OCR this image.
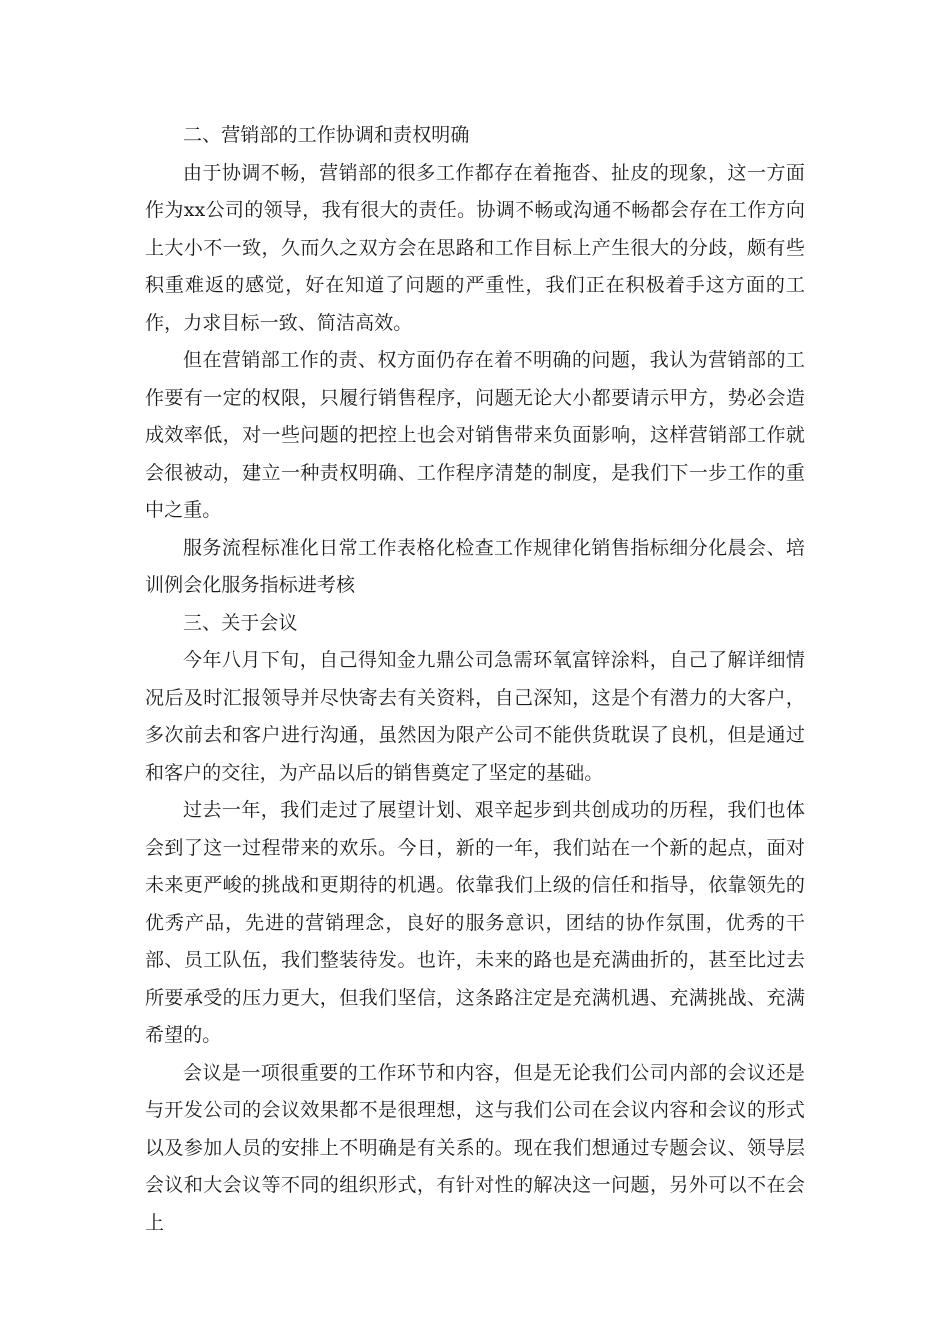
二、营销部的工作协调和责权明确

由于协调不畅，营销部的很多工作都存在着拖沓、扯皮的现象，这一方面作为xx公司的领导，我有很大的责任。协调不畅或沟通不畅都会存在工作方向上大小不一致，久而久之双方会在思路和工作目标上产生很大的分歧，颇有些积重难返的感觉，好在知道了问题的严重性，我们正在积极着手这方面的工作，力求目标一致、简洁高效。

但在营销部工作的责、权方面仍存在着不明确的问题，我认为营销部的工作要有一定的权限，只履行销售程序，问题无论大小都要请示甲方，势必会造成效率低，对一些问题的把控上也会对销售带来负面影响，这样营销部工作就会很被动，建立一种责权明确、工作程序清楚的制度，是我们下一步工作的重中之重。

服务流程标准化日常工作表格化检查工作规律化销售指标细分化晨会、培训例会化服务指标进考核

三、关于会议

今年八月下旬，自己得知金九鼎公司急需环氧富锌涂料，自己了解详细情况后及时汇报领导并尽快寄去有关资料，自己深知，这是个有潜力的大客户，多次前去和客户进行沟通，虽然因为限产公司不能供货耽误了良机，但是通过和客户的交往，为产品以后的销售奠定了坚定的基础。

过去一年，我们走过了展望计划、艰辛起步到共创成功的历程，我们也体会到了这一过程带来的欢乐。今日，新的一年，我们站在一个新的起点，面对未来更严峻的挑战和更期待的机遇。依靠我们上级的信任和指导，依靠领先的优秀产品，先进的营销理念，良好的服务意识，团结的协作氛围，优秀的干部、员工队伍，我们整装待发。也许，未来的路也是充满曲折的，甚至比过去所要承受的压力更大，但我们坚信，这条路注定是充满机遇、充满挑战、充满希望的。

会议是一项很重要的工作环节和内容，但是无论我们公司内部的会议还是与开发公司的会议效果都不是很理想，这与我们公司在会议内容和会议的形式以及参加人员的安排上不明确是有关系的。现在我们想通过专题会议、领导层会议和大会议等不同的组织形式，有针对性的解决这一问题，另外可以不在会上
